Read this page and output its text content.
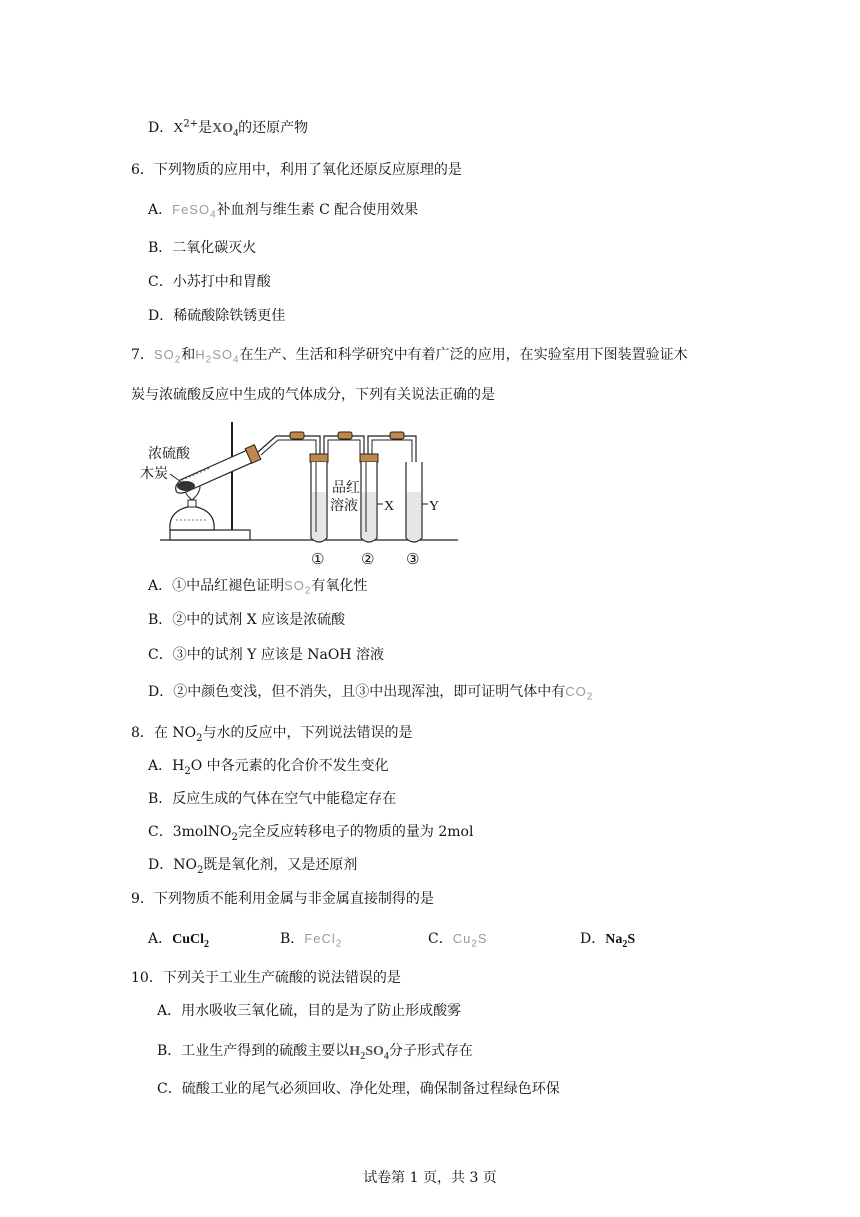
D．$X^{2+}$是$XO_4$的还原产物
6．下列物质的应用中，利用了氧化还原反应原理的是
A．FeSO$_4$补血剂与维生素 C 配合使用效果
B．二氧化碳灭火
C．小苏打中和胃酸
D．稀硫酸除铁锈更佳
7．$SO_2$和$H_2SO_4$在生产、生活和科学研究中有着广泛的应用，在实验室用下图装置验证木
炭与浓硫酸反应中生成的气体成分，下列有关说法正确的是
浓硫酸
木炭
品红
溶液 X Y
① ② ③
A．①中品红褪色证明$SO_2$有氧化性
B．②中的试剂 X 应该是浓硫酸
C．③中的试剂 Y 应该是 NaOH 溶液
D．②中颜色变浅，但不消失，且③中出现浑浊，即可证明气体中有$CO_2$
8．在 $NO_2$与水的反应中，下列说法错误的是
A．$H_2O$ 中各元素的化合价不发生变化
B．反应生成的气体在空气中能稳定存在
C．3molNO$_2$完全反应转移电子的物质的量为 2mol
D．$NO_2$既是氧化剂，又是还原剂
9．下列物质不能利用金属与非金属直接制得的是
A．CuCl$_2$	B．FeCl$_2$	C．$Cu_2S$	D．$Na_2S$
10．下列关于工业生产硫酸的说法错误的是
A．用水吸收三氧化硫，目的是为了防止形成酸雾
B．工业生产得到的硫酸主要以$H_2SO_4$分子形式存在
C．硫酸工业的尾气必须回收、净化处理，确保制备过程绿色环保
试卷第 1 页，共 3 页
